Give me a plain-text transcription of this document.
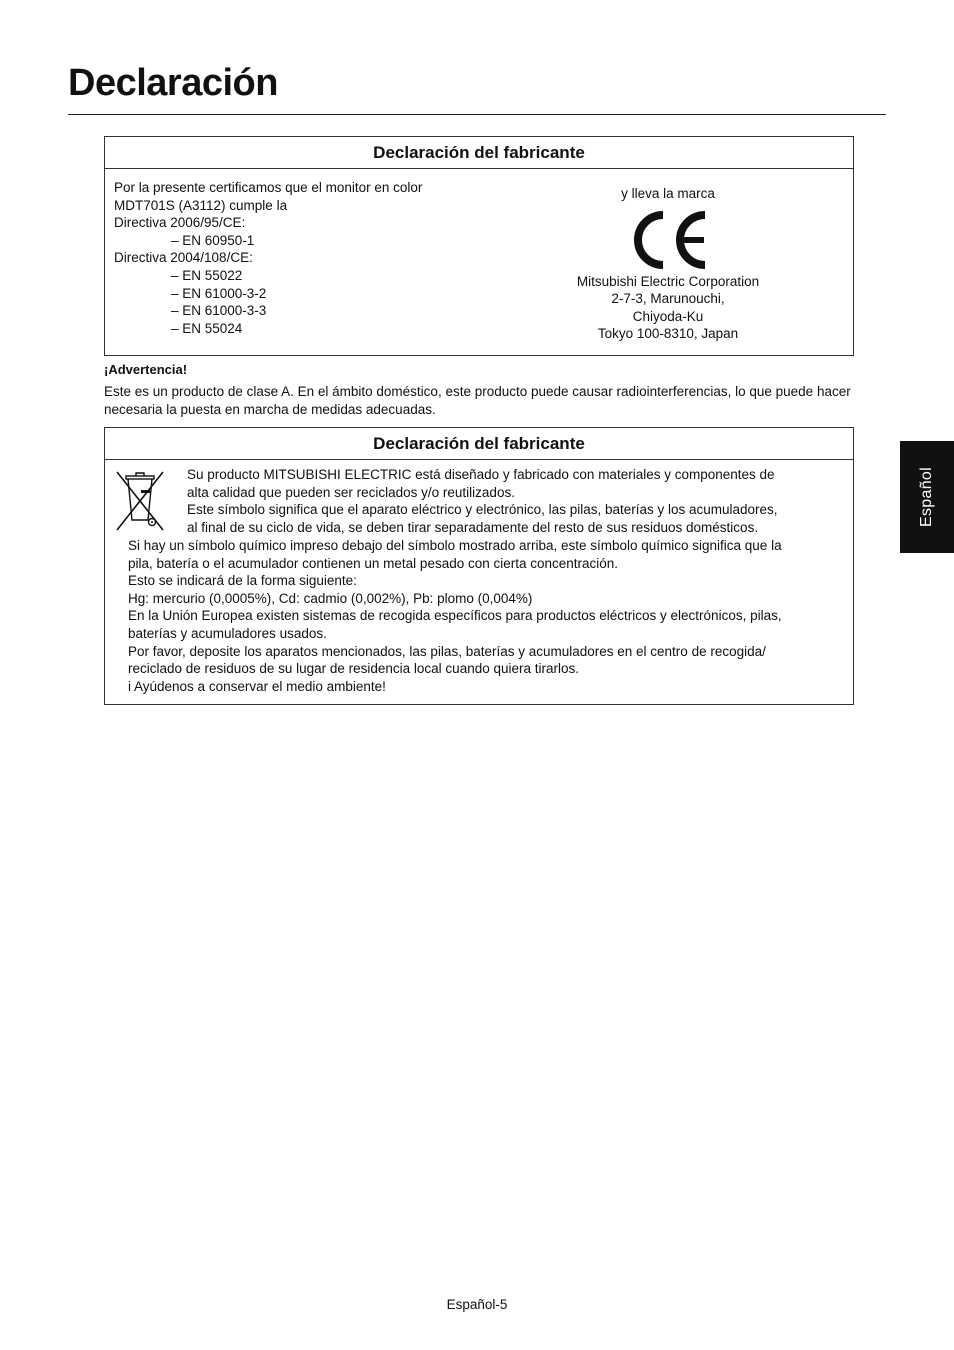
Declaración
Declaración del fabricante
Por la presente certificamos que el monitor en color
MDT701S (A3112) cumple la
Directiva 2006/95/CE:
– EN 60950-1
Directiva 2004/108/CE:
– EN 55022
– EN 61000-3-2
– EN 61000-3-3
– EN 55024
y lleva la marca
Mitsubishi Electric Corporation
2-7-3, Marunouchi,
Chiyoda-Ku
Tokyo 100-8310, Japan
¡Advertencia!
Este es un producto de clase A. En el ámbito doméstico, este producto puede causar radiointerferencias, lo que puede hacer necesaria la puesta en marcha de medidas adecuadas.
Declaración del fabricante
Su producto MITSUBISHI ELECTRIC está diseñado y fabricado con materiales y componentes de
alta calidad que pueden ser reciclados y/o reutilizados.
Este símbolo significa que el aparato eléctrico y electrónico, las pilas, baterías y los acumuladores,
al final de su ciclo de vida, se deben tirar separadamente del resto de sus residuos domésticos.
Si hay un símbolo químico impreso debajo del símbolo mostrado arriba, este símbolo químico significa que la
pila, batería o el acumulador contienen un metal pesado con cierta concentración.
Esto se indicará de la forma siguiente:
Hg: mercurio (0,0005%), Cd: cadmio (0,002%), Pb: plomo (0,004%)
En la Unión Europea existen sistemas de recogida específicos para productos eléctricos y electrónicos, pilas,
baterías y acumuladores usados.
Por favor, deposite los aparatos mencionados, las pilas, baterías y acumuladores en el centro de recogida/
reciclado de residuos de su lugar de residencia local cuando quiera tirarlos.
i Ayúdenos a conservar el medio ambiente!
Español
Español-5
